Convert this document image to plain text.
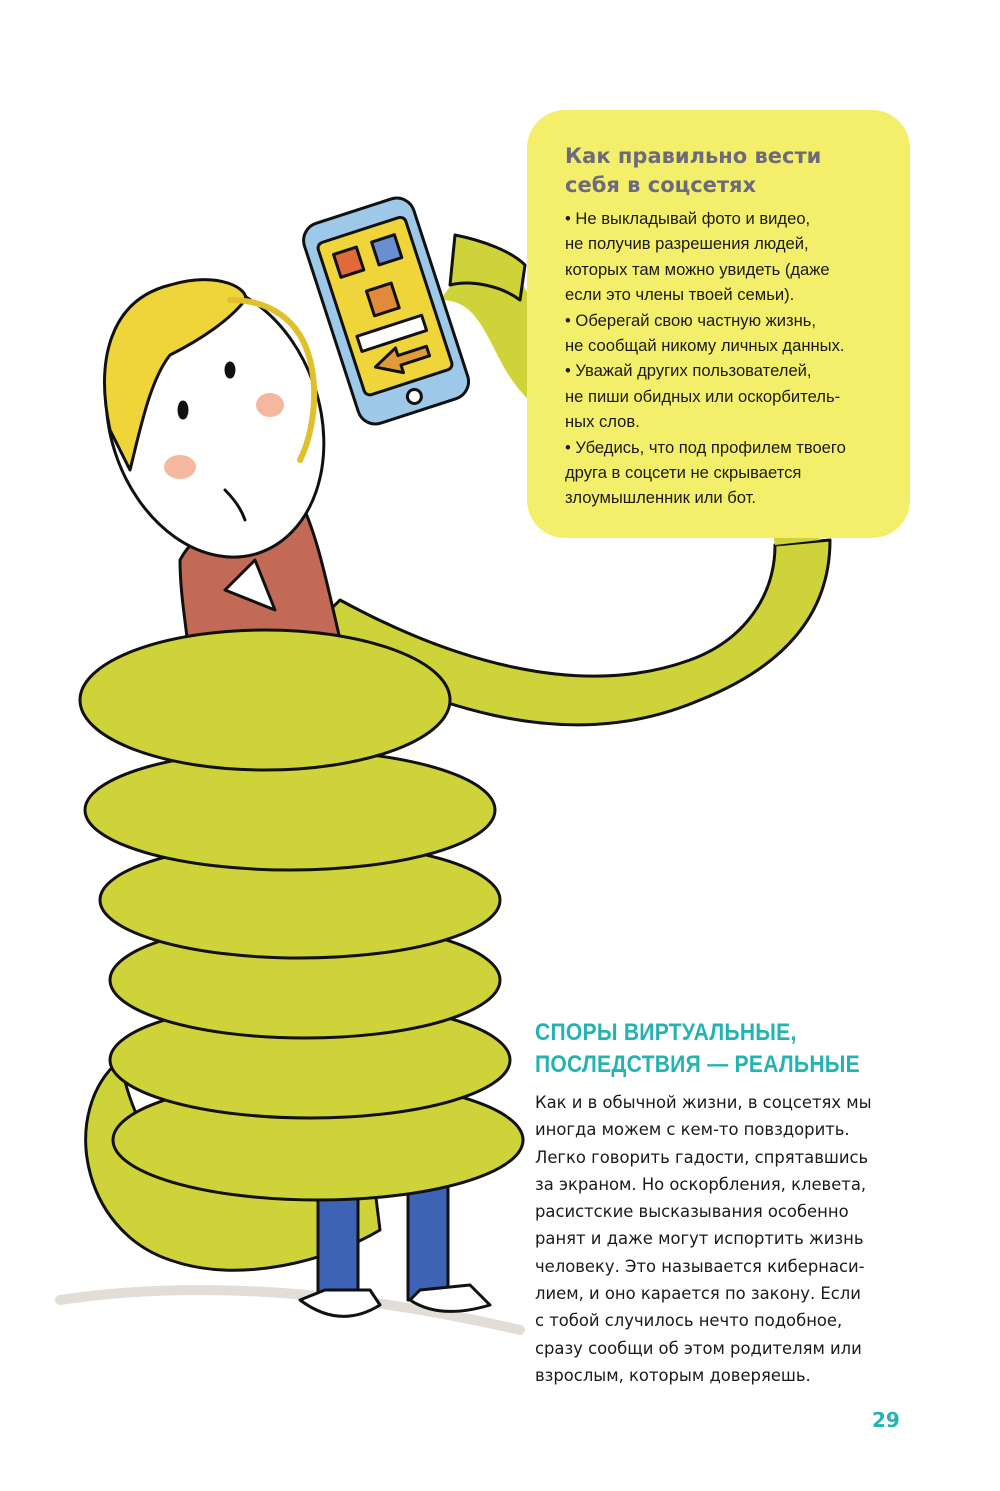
Как правильно вести
себя в соцсетях

• Не выкладывай фото и видео,

не получив разрешения людей,

которых там можно увидеть (даже

если это члены твоей семьи).

• Оберегай свою частную жизнь,

не сообщай никому личных данных.

• Уважай других пользователей,

не пиши обидных или оскорбитель-

ных слов.

• Убедись, что под профилем твоего

друга в соцсети не скрывается

злоумышленник или бот.

СПОРЫ ВИРТУАЛЬНЫЕ,
ПОСЛЕДСТВИЯ — РЕАЛЬНЫЕ

Как и в обычной жизни, в соцсетях мы

иногда можем с кем-то повздорить.

Легко говорить гадости, спрятавшись

за экраном. Но оскорбления, клевета,

расистские высказывания особенно

ранят и даже могут испортить жизнь

человеку. Это называется кибернаси-

лием, и оно карается по закону. Если

с тобой случилось нечто подобное,

сразу сообщи об этом родителям или

взрослым, которым доверяешь.

29
